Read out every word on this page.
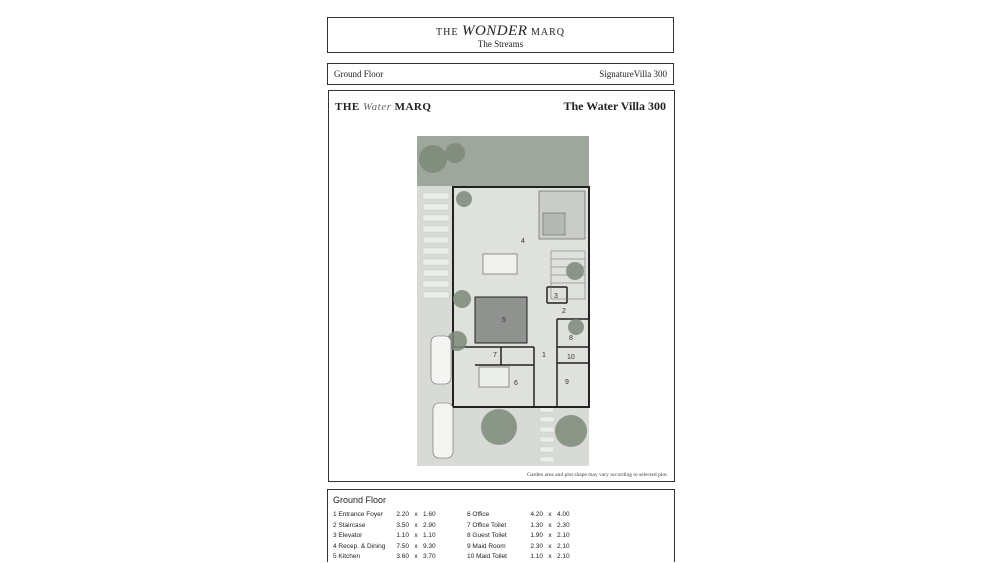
THE WONDER MARQ
The Streams
Ground Floor	SignatureVilla 300
4
5
3
2
8
10
1
7
6	9
THE Water MARQ	The Water Villa 300
Garden area and plot shape may vary according to selected plot.
Ground Floor
1 Entrance Foyer	2.20 x 1.60
2 Staircase	3.50 x 2.90
3 Elevator	1.10 x 1.10
4 Recep. & Dining	7.50 x 9.30
5 Kitchen	3.60 x 3.70
6 Office	4.20 x 4.00
7 Office Toilet	1.30 x 2.30
8 Guest Toilet	1.90 x 2.10
9 Maid Room	2.30 x 2.10
10 Maid Toilet	1.10 x 2.10
